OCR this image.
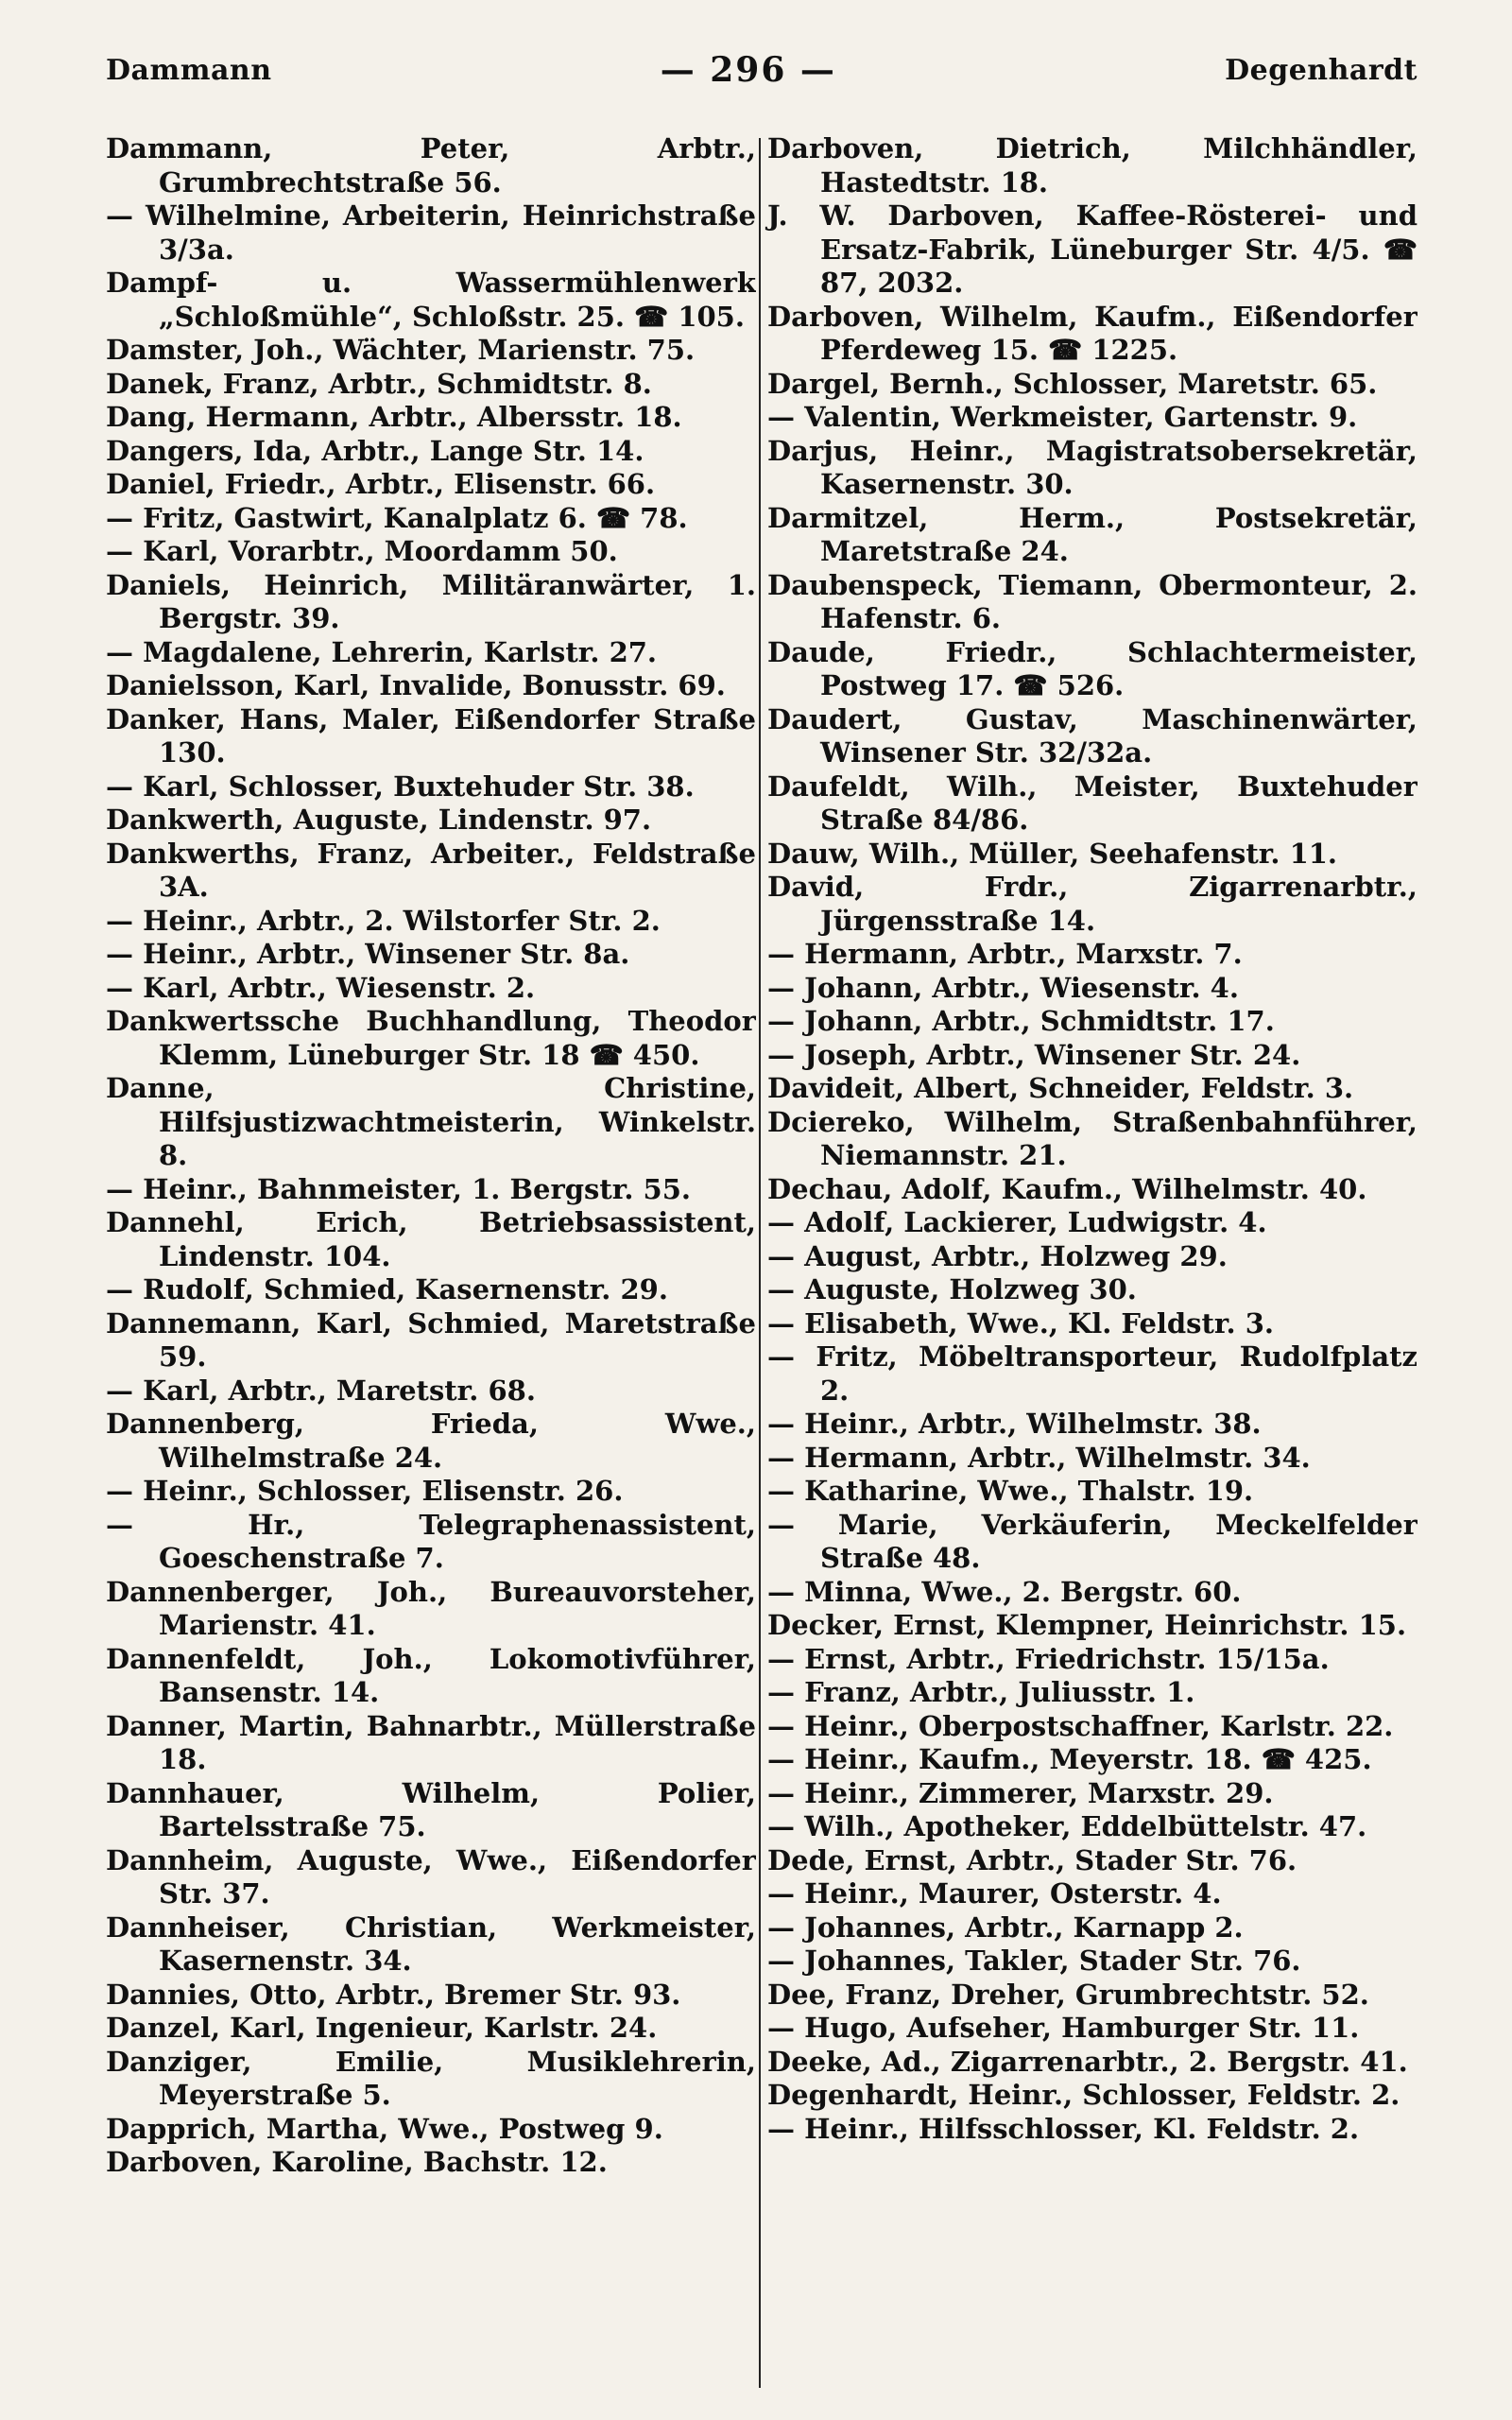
Dammann	— 296 —	Degenhardt

Dammann, Peter, Arbtr., Grumbrechtstraße 56.

— Wilhelmine, Arbeiterin, Heinrichstraße 3/3a.

Dampf- u. Wassermühlenwerk „Schloßmühle“, Schloßstr. 25. ☎ 105.

Damster, Joh., Wächter, Marienstr. 75.

Danek, Franz, Arbtr., Schmidtstr. 8.

Dang, Hermann, Arbtr., Albersstr. 18.

Dangers, Ida, Arbtr., Lange Str. 14.

Daniel, Friedr., Arbtr., Elisenstr. 66.

— Fritz, Gastwirt, Kanalplatz 6. ☎ 78.

— Karl, Vorarbtr., Moordamm 50.

Daniels, Heinrich, Militäranwärter, 1. Bergstr. 39.

— Magdalene, Lehrerin, Karlstr. 27.

Danielsson, Karl, Invalide, Bonusstr. 69.

Danker, Hans, Maler, Eißendorfer Straße 130.

— Karl, Schlosser, Buxtehuder Str. 38.

Dankwerth, Auguste, Lindenstr. 97.

Dankwerths, Franz, Arbeiter., Feldstraße 3A.

— Heinr., Arbtr., 2. Wilstorfer Str. 2.

— Heinr., Arbtr., Winsener Str. 8a.

— Karl, Arbtr., Wiesenstr. 2.

Dankwertssche Buchhandlung, Theodor Klemm, Lüneburger Str. 18 ☎ 450.

Danne, Christine, Hilfsjustizwachtmeisterin, Winkelstr. 8.

— Heinr., Bahnmeister, 1. Bergstr. 55.

Dannehl, Erich, Betriebsassistent, Lindenstr. 104.

— Rudolf, Schmied, Kasernenstr. 29.

Dannemann, Karl, Schmied, Maretstraße 59.

— Karl, Arbtr., Maretstr. 68.

Dannenberg, Frieda, Wwe., Wilhelmstraße 24.

— Heinr., Schlosser, Elisenstr. 26.

— Hr., Telegraphenassistent, Goeschenstraße 7.

Dannenberger, Joh., Bureauvorsteher, Marienstr. 41.

Dannenfeldt, Joh., Lokomotivführer, Bansenstr. 14.

Danner, Martin, Bahnarbtr., Müllerstraße 18.

Dannhauer, Wilhelm, Polier, Bartelsstraße 75.

Dannheim, Auguste, Wwe., Eißendorfer Str. 37.

Dannheiser, Christian, Werkmeister, Kasernenstr. 34.

Dannies, Otto, Arbtr., Bremer Str. 93.

Danzel, Karl, Ingenieur, Karlstr. 24.

Danziger, Emilie, Musiklehrerin, Meyerstraße 5.

Dapprich, Martha, Wwe., Postweg 9.

Darboven, Karoline, Bachstr. 12.

Darboven, Dietrich, Milchhändler, Hastedtstr. 18.

J. W. Darboven, Kaffee-Rösterei- und Ersatz-Fabrik, Lüneburger Str. 4/5. ☎ 87, 2032.

Darboven, Wilhelm, Kaufm., Eißendorfer Pferdeweg 15. ☎ 1225.

Dargel, Bernh., Schlosser, Maretstr. 65.

— Valentin, Werkmeister, Gartenstr. 9.

Darjus, Heinr., Magistratsobersekretär, Kasernenstr. 30.

Darmitzel, Herm., Postsekretär, Maretstraße 24.

Daubenspeck, Tiemann, Obermonteur, 2. Hafenstr. 6.

Daude, Friedr., Schlachtermeister, Postweg 17. ☎ 526.

Daudert, Gustav, Maschinenwärter, Winsener Str. 32/32a.

Daufeldt, Wilh., Meister, Buxtehuder Straße 84/86.

Dauw, Wilh., Müller, Seehafenstr. 11.

David, Frdr., Zigarrenarbtr., Jürgensstraße 14.

— Hermann, Arbtr., Marxstr. 7.

— Johann, Arbtr., Wiesenstr. 4.

— Johann, Arbtr., Schmidtstr. 17.

— Joseph, Arbtr., Winsener Str. 24.

Davideit, Albert, Schneider, Feldstr. 3.

Dciereko, Wilhelm, Straßenbahnführer, Niemannstr. 21.

Dechau, Adolf, Kaufm., Wilhelmstr. 40.

— Adolf, Lackierer, Ludwigstr. 4.

— August, Arbtr., Holzweg 29.

— Auguste, Holzweg 30.

— Elisabeth, Wwe., Kl. Feldstr. 3.

— Fritz, Möbeltransporteur, Rudolfplatz 2.

— Heinr., Arbtr., Wilhelmstr. 38.

— Hermann, Arbtr., Wilhelmstr. 34.

— Katharine, Wwe., Thalstr. 19.

— Marie, Verkäuferin, Meckelfelder Straße 48.

— Minna, Wwe., 2. Bergstr. 60.

Decker, Ernst, Klempner, Heinrichstr. 15.

— Ernst, Arbtr., Friedrichstr. 15/15a.

— Franz, Arbtr., Juliusstr. 1.

— Heinr., Oberpostschaffner, Karlstr. 22.

— Heinr., Kaufm., Meyerstr. 18. ☎ 425.

— Heinr., Zimmerer, Marxstr. 29.

— Wilh., Apotheker, Eddelbüttelstr. 47.

Dede, Ernst, Arbtr., Stader Str. 76.

— Heinr., Maurer, Osterstr. 4.

— Johannes, Arbtr., Karnapp 2.

— Johannes, Takler, Stader Str. 76.

Dee, Franz, Dreher, Grumbrechtstr. 52.

— Hugo, Aufseher, Hamburger Str. 11.

Deeke, Ad., Zigarrenarbtr., 2. Bergstr. 41.

Degenhardt, Heinr., Schlosser, Feldstr. 2.

— Heinr., Hilfsschlosser, Kl. Feldstr. 2.
